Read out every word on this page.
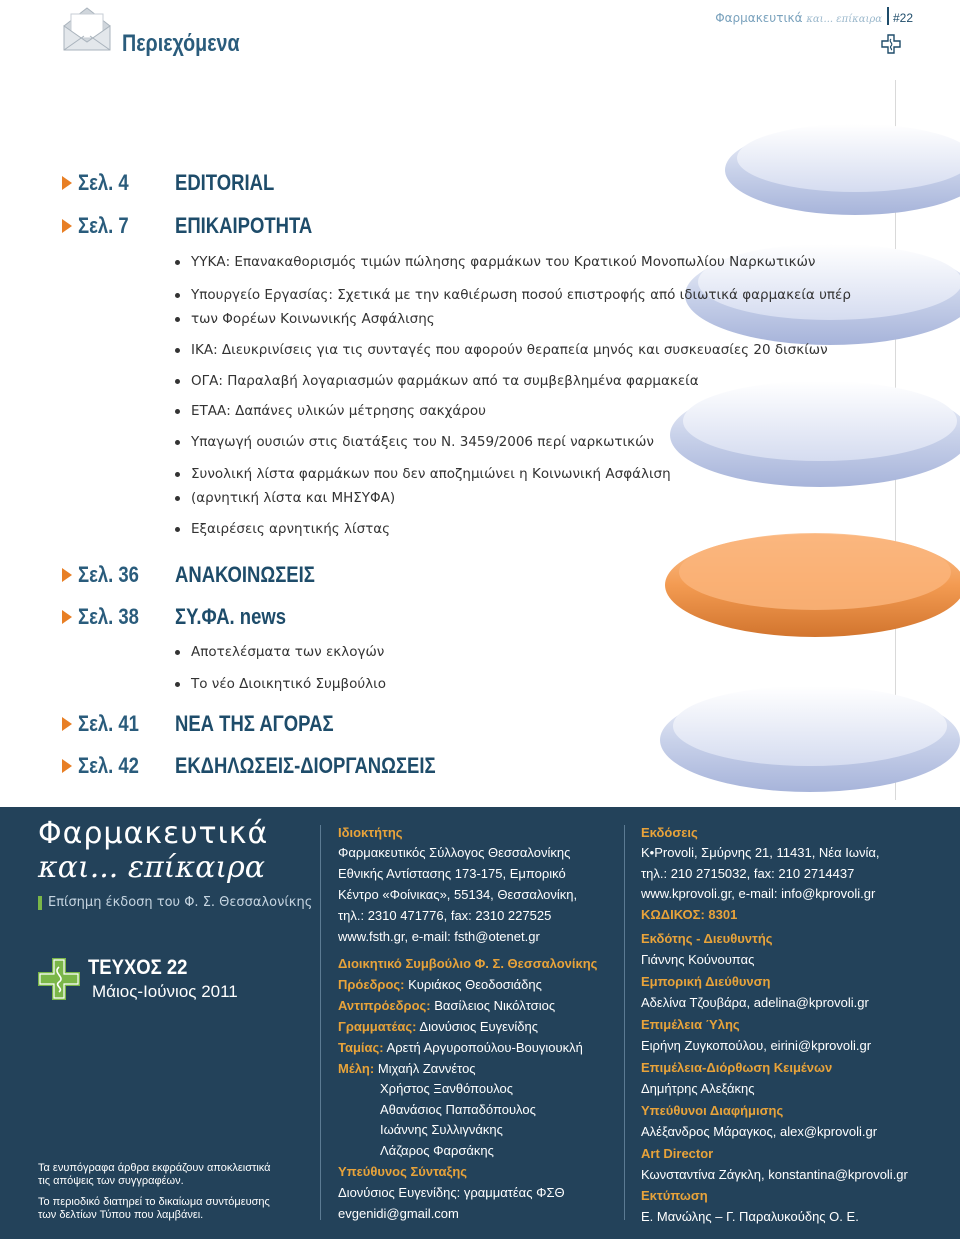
Περιεχόμενα
Φαρμακευτικά και... επίκαιρα #22
Σελ. 4	EDITORIAL
Σελ. 7	ΕΠΙΚΑΙΡΟΤΗΤΑ
ΥΥΚΑ: Επανακαθορισμός τιμών πώλησης φαρμάκων του Κρατικού Μονοπωλίου Ναρκωτικών
Υπουργείο Εργασίας: Σχετικά με την καθιέρωση ποσού επιστροφής από ιδιωτικά φαρμακεία υπέρ
των Φορέων Κοινωνικής Ασφάλισης
ΙΚΑ: Διευκρινίσεις για τις συνταγές που αφορούν θεραπεία μηνός και συσκευασίες 20 δισκίων
ΟΓΑ: Παραλαβή λογαριασμών φαρμάκων από τα συμβεβλημένα φαρμακεία
ΕΤΑΑ: Δαπάνες υλικών μέτρησης σακχάρου
Υπαγωγή ουσιών στις διατάξεις του Ν. 3459/2006 περί ναρκωτικών
Συνολική λίστα φαρμάκων που δεν αποζημιώνει η Κοινωνική Ασφάλιση
(αρνητική λίστα και ΜΗΣΥΦΑ)
Εξαιρέσεις αρνητικής λίστας
Σελ. 36	ΑΝΑΚΟΙΝΩΣΕΙΣ
Σελ. 38	ΣΥ.ΦΑ. news
Αποτελέσματα των εκλογών
Το νέο Διοικητικό Συμβούλιο
Σελ. 41	ΝΕΑ ΤΗΣ ΑΓΟΡΑΣ
Σελ. 42	ΕΚΔΗΛΩΣΕΙΣ-ΔΙΟΡΓΑΝΩΣΕΙΣ
Φαρμακευτικά
και... επίκαιρα
Επίσημη έκδοση του Φ. Σ. Θεσσαλονίκης
ΤΕΥΧΟΣ 22
Μάιος-Ιούνιος 2011
Τα ενυπόγραφα άρθρα εκφράζουν αποκλειστικά τις απόψεις των συγγραφέων.
Το περιοδικό διατηρεί το δικαίωμα συντόμευσης των δελτίων Τύπου που λαμβάνει.
Ιδιοκτήτης
Φαρμακευτικός Σύλλογος Θεσσαλονίκης
Εθνικής Αντίστασης 173-175, Εμπορικό
Κέντρο «Φοίνικας», 55134, Θεσσαλονίκη,
τηλ.: 2310 471776, fax: 2310 227525
www.fsth.gr, e-mail: fsth@otenet.gr
Διοικητικό Συμβούλιο Φ. Σ. Θεσσαλονίκης
Πρόεδρος: Κυριάκος Θεοδοσιάδης
Αντιπρόεδρος: Βασίλειος Νικόλτσιος
Γραμματέας: Διονύσιος Ευγενίδης
Ταμίας: Αρετή Αργυροπούλου-Βουγιουκλή
Μέλη: Μιχαήλ Ζαννέτος
Χρήστος Ξανθόπουλος
Αθανάσιος Παπαδόπουλος
Ιωάννης Συλλιγνάκης
Λάζαρος Φαρσάκης
Υπεύθυνος Σύνταξης
Διονύσιος Ευγενίδης: γραμματέας ΦΣΘ
evgenidi@gmail.com
Εκδόσεις
K•Provoli, Σμύρνης 21, 11431, Νέα Ιωνία,
τηλ.: 210 2715032, fax: 210 2714437
www.kprovoli.gr, e-mail: info@kprovoli.gr
ΚΩΔΙΚΟΣ: 8301
Εκδότης - Διευθυντής
Γιάννης Κούνουπας
Εμπορική Διεύθυνση
Αδελίνα Τζουβάρα, adelina@kprovoli.gr
Επιμέλεια Ύλης
Ειρήνη Ζυγκοπούλου, eirini@kprovoli.gr
Επιμέλεια-Διόρθωση Κειμένων
Δημήτρης Αλεξάκης
Υπεύθυνοι Διαφήμισης
Αλέξανδρος Μάραγκος, alex@kprovoli.gr
Art Director
Κωνσταντίνα Ζάγκλη, konstantina@kprovoli.gr
Εκτύπωση
Ε. Μανώλης – Γ. Παραλυκούδης Ο. Ε.
